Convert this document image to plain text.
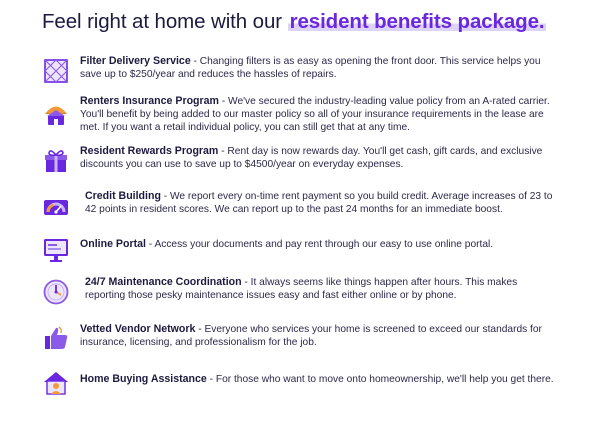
Feel right at home with our resident benefits package.
Filter Delivery Service - Changing filters is as easy as opening the front door. This service helps you save up to $250/year and reduces the hassles of repairs.
Renters Insurance Program - We've secured the industry-leading value policy from an A-rated carrier. You'll benefit by being added to our master policy so all of your insurance requirements in the lease are met. If you want a retail individual policy, you can still get that at any time.
Resident Rewards Program - Rent day is now rewards day. You'll get cash, gift cards, and exclusive discounts you can use to save up to $4500/year on everyday expenses.
Credit Building - We report every on-time rent payment so you build credit. Average increases of 23 to 42 points in resident scores. We can report up to the past 24 months for an immediate boost.
Online Portal - Access your documents and pay rent through our easy to use online portal.
24/7 Maintenance Coordination - It always seems like things happen after hours. This makes reporting those pesky maintenance issues easy and fast either online or by phone.
Vetted Vendor Network - Everyone who services your home is screened to exceed our standards for insurance, licensing, and professionalism for the job.
Home Buying Assistance - For those who want to move onto homeownership, we'll help you get there.
